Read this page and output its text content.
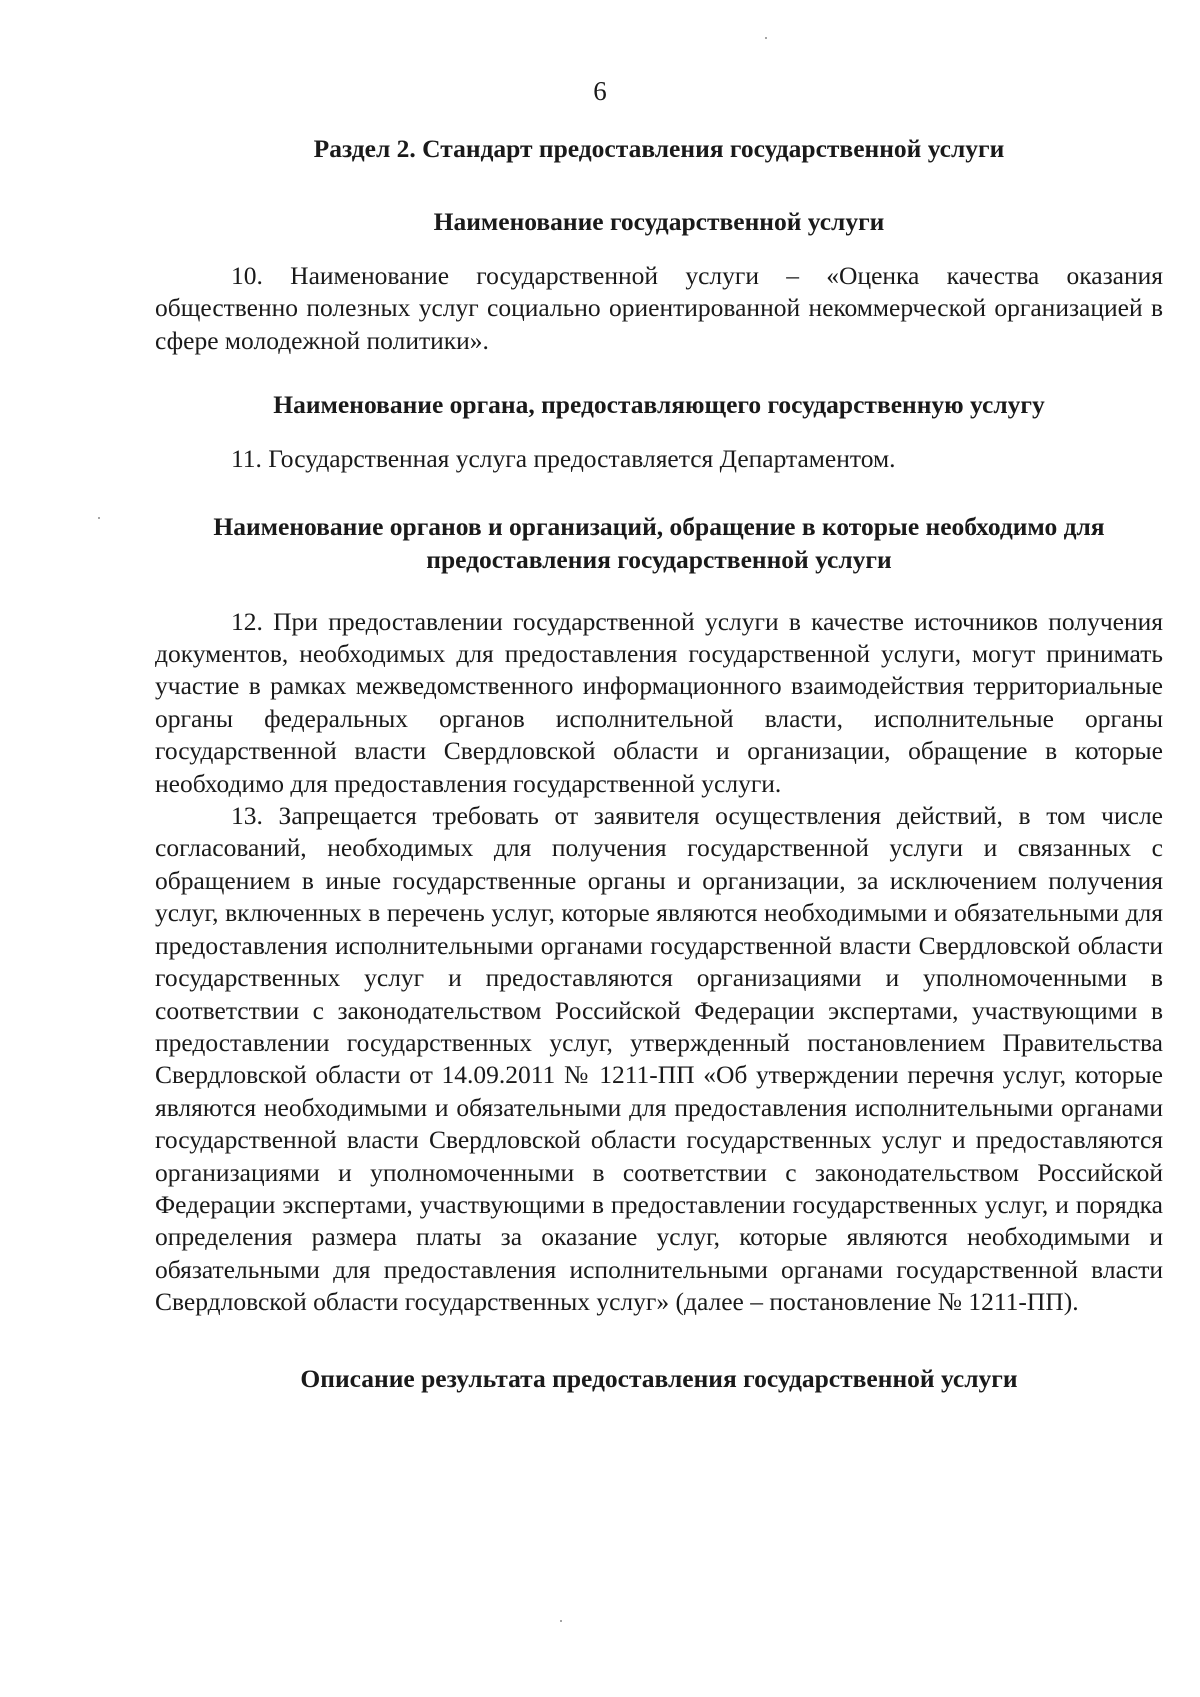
6

Раздел 2. Стандарт предоставления государственной услуги

Наименование государственной услуги

10. Наименование государственной услуги – «Оценка качества оказания общественно полезных услуг социально ориентированной некоммерческой организацией в сфере молодежной политики».

Наименование органа, предоставляющего государственную услугу

11. Государственная услуга предоставляется Департаментом.

Наименование органов и организаций, обращение в которые необходимо для предоставления государственной услуги

12. При предоставлении государственной услуги в качестве источников получения документов, необходимых для предоставления государственной услуги, могут принимать участие в рамках межведомственного информационного взаимодействия территориальные органы федеральных органов исполнительной власти, исполнительные органы государственной власти Свердловской области и организации, обращение в которые необходимо для предоставления государственной услуги.

13. Запрещается требовать от заявителя осуществления действий, в том числе согласований, необходимых для получения государственной услуги и связанных с обращением в иные государственные органы и организации, за исключением получения услуг, включенных в перечень услуг, которые являются необходимыми и обязательными для предоставления исполнительными органами государственной власти Свердловской области государственных услуг и предоставляются организациями и уполномоченными в соответствии с законодательством Российской Федерации экспертами, участвующими в предоставлении государственных услуг, утвержденный постановлением Правительства Свердловской области от 14.09.2011 № 1211-ПП «Об утверждении перечня услуг, которые являются необходимыми и обязательными для предоставления исполнительными органами государственной власти Свердловской области государственных услуг и предоставляются организациями и уполномоченными в соответствии с законодательством Российской Федерации экспертами, участвующими в предоставлении государственных услуг, и порядка определения размера платы за оказание услуг, которые являются необходимыми и обязательными для предоставления исполнительными органами государственной власти Свердловской области государственных услуг» (далее – постановление № 1211-ПП).

Описание результата предоставления государственной услуги
